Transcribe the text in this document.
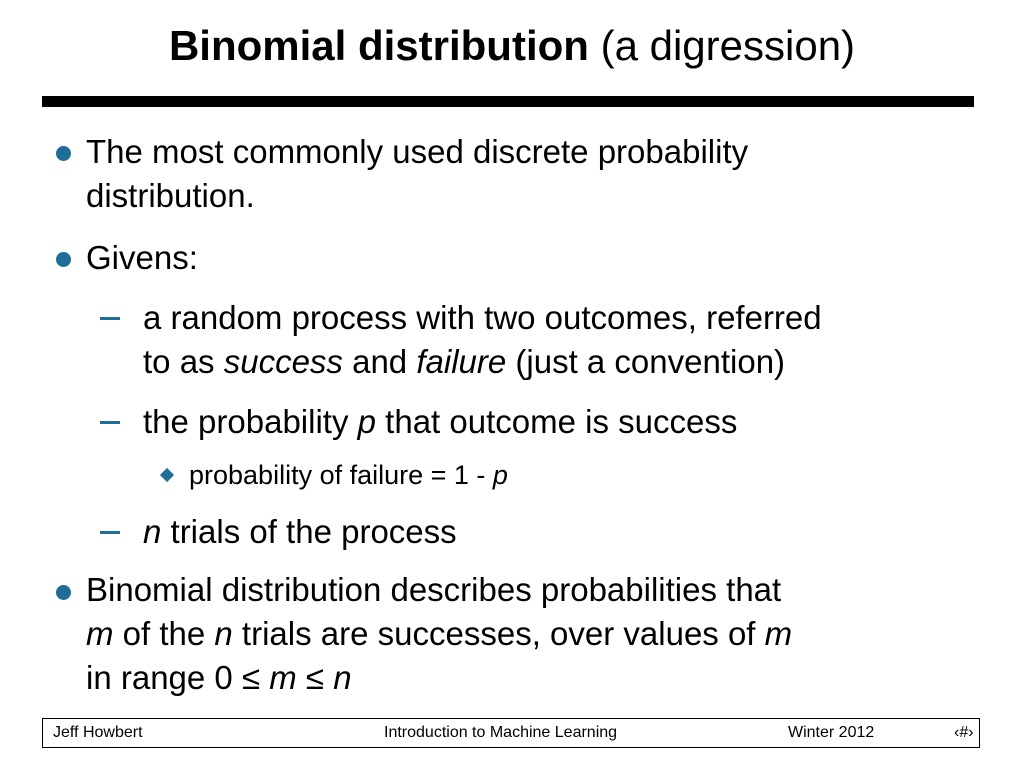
Binomial distribution (a digression)
The most commonly used discrete probability
distribution.
Givens:
a random process with two outcomes, referred
to as success and failure (just a convention)
the probability p that outcome is success
probability of failure = 1 - p
n trials of the process
Binomial distribution describes probabilities that
m of the n trials are successes, over values of m
in range 0 ≤ m ≤ n
Jeff Howbert	Introduction to Machine Learning	Winter 2012	‹#›
